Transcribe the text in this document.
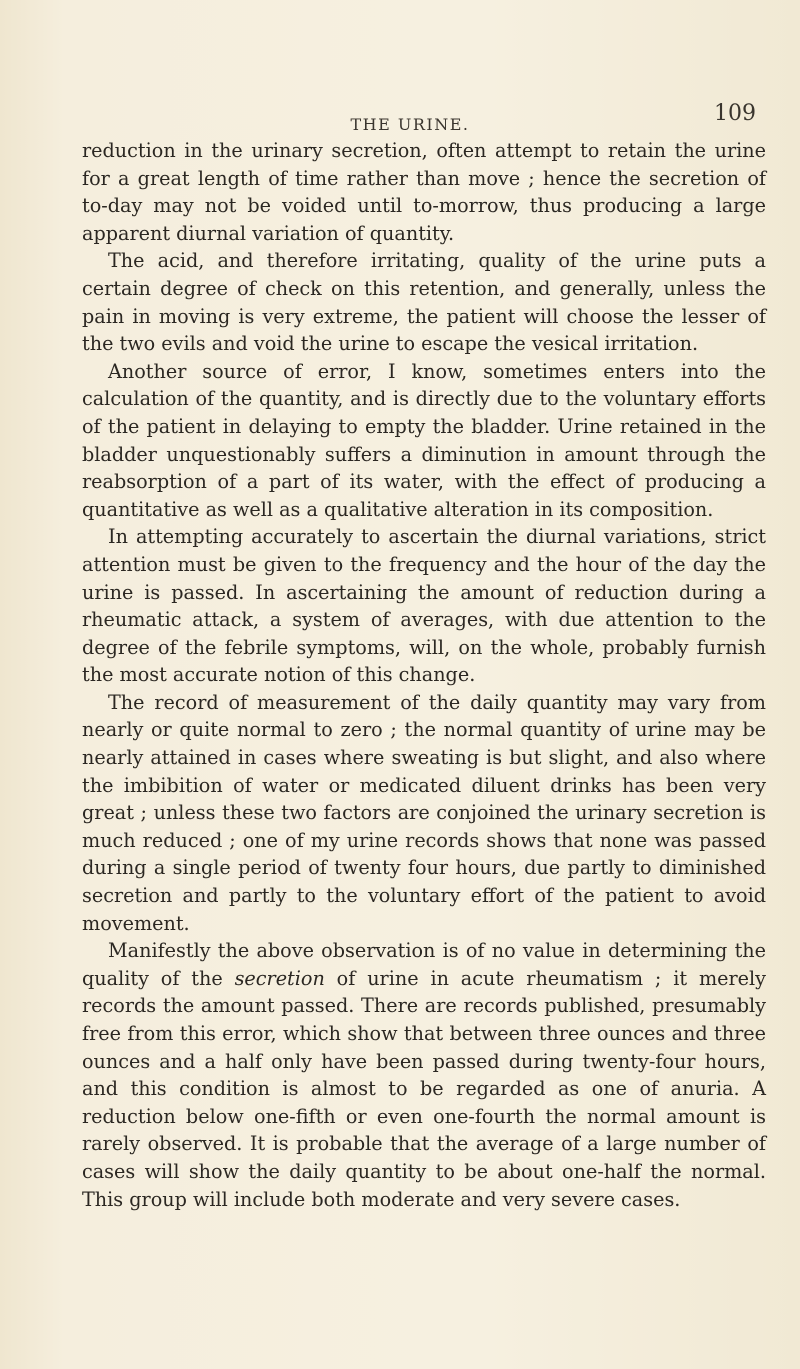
THE URINE.	109

reduction in the urinary secretion, often attempt to retain the urine for a great length of time rather than move ; hence the secretion of to-day may not be voided until to-morrow, thus producing a large apparent diurnal variation of quantity.

The acid, and therefore irritating, quality of the urine puts a certain degree of check on this retention, and generally, unless the pain in moving is very extreme, the patient will choose the lesser of the two evils and void the urine to escape the vesical irritation.

Another source of error, I know, sometimes enters into the calculation of the quantity, and is directly due to the voluntary efforts of the patient in delaying to empty the bladder. Urine retained in the bladder unquestionably suffers a diminution in amount through the reabsorption of a part of its water, with the effect of producing a quantitative as well as a qualitative alteration in its composition.

In attempting accurately to ascertain the diurnal variations, strict attention must be given to the frequency and the hour of the day the urine is passed. In ascertaining the amount of reduction during a rheumatic attack, a system of averages, with due attention to the degree of the febrile symptoms, will, on the whole, probably furnish the most accurate notion of this change.

The record of measurement of the daily quantity may vary from nearly or quite normal to zero ; the normal quantity of urine may be nearly attained in cases where sweating is but slight, and also where the imbibition of water or medicated diluent drinks has been very great ; unless these two factors are conjoined the urinary secretion is much reduced ; one of my urine records shows that none was passed during a single period of twenty four hours, due partly to diminished secretion and partly to the voluntary effort of the patient to avoid movement.

Manifestly the above observation is of no value in determining the quality of the secretion of urine in acute rheumatism ; it merely records the amount passed. There are records published, presumably free from this error, which show that between three ounces and three ounces and a half only have been passed during twenty-four hours, and this condition is almost to be regarded as one of anuria. A reduction below one-fifth or even one-fourth the normal amount is rarely observed. It is probable that the average of a large number of cases will show the daily quantity to be about one-half the normal. This group will include both moderate and very severe cases.
